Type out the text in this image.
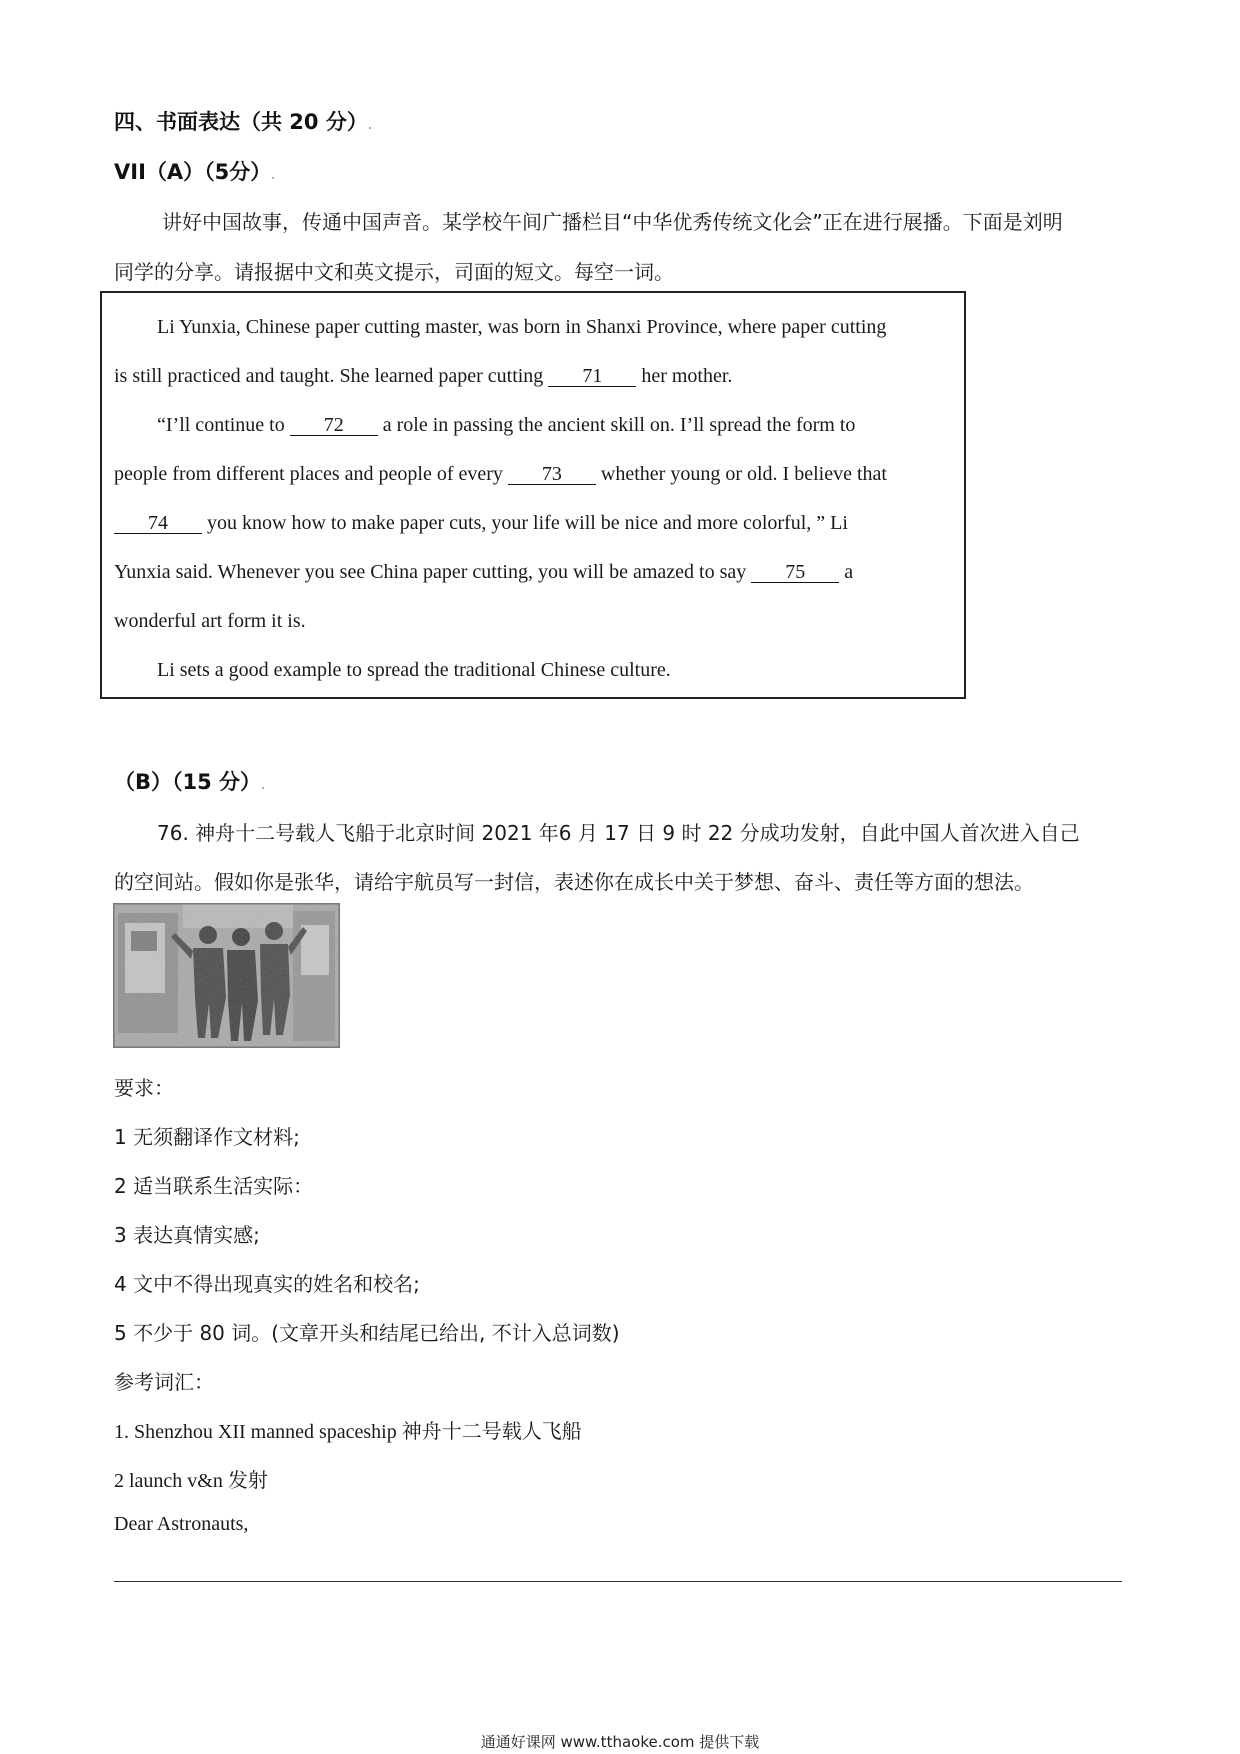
四、书面表达（共 20 分）.
VII（A）（5分）.
讲好中国故事，传通中国声音。某学校午间广播栏目“中华优秀传统文化会”正在进行展播。下面是刘明
同学的分享。请报据中文和英文提示，司面的短文。每空一词。
Li Yunxia, Chinese paper cutting master, was born in Shanxi Province, where paper cutting
is still practiced and taught. She learned paper cutting 71 her mother.
“I’ll continue to 72 a role in passing the ancient skill on. I’ll spread the form to
people from different places and people of every 73 whether young or old. I believe that
74 you know how to make paper cuts, your life will be nice and more colorful, ” Li
Yunxia said. Whenever you see China paper cutting, you will be amazed to say 75 a
wonderful art form it is.
Li sets a good example to spread the traditional Chinese culture.
（B）（15 分）.
76. 神舟十二号载人飞船于北京时间 2021 年6 月 17 日 9 时 22 分成功发射，自此中国人首次进入自己
的空间站。假如你是张华，请给宇航员写一封信，表述你在成长中关于梦想、奋斗、责任等方面的想法。
要求：
1 无须翻译作文材料;
2 适当联系生活实际：
3 表达真情实感;
4 文中不得出现真实的姓名和校名;
5 不少于 80 词。(文章开头和结尾已给出, 不计入总词数)
参考词汇：
1. Shenzhou XII manned spaceship 神舟十二号载人飞船
2 launch v&n 发射
Dear Astronauts,
通通好课网 www.tthaoke.com 提供下载
